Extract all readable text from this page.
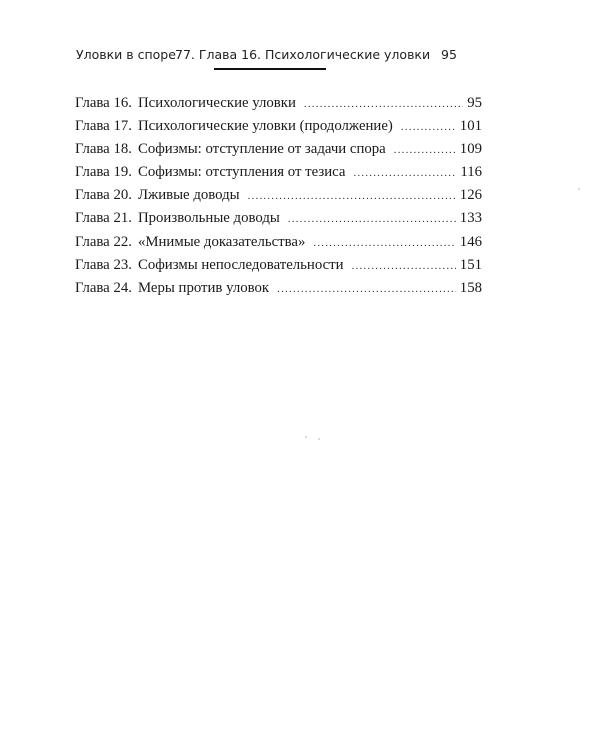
Уловки в споре 77. Глава 16. Психологические уловки 95
Глава 16. Психологические уловки .....	95
Глава 17. Психологические уловки (продолжение) .....	101
Глава 18. Софизмы: отступление от задачи спора .....	109
Глава 19. Софизмы: отступления от тезиса .....	116
Глава 20. Лживые доводы .....	126
Глава 21. Произвольные доводы .....	133
Глава 22. «Мнимые доказательства» .....	146
Глава 23. Софизмы непоследовательности .....	151
Глава 24. Меры против уловок .....	158
